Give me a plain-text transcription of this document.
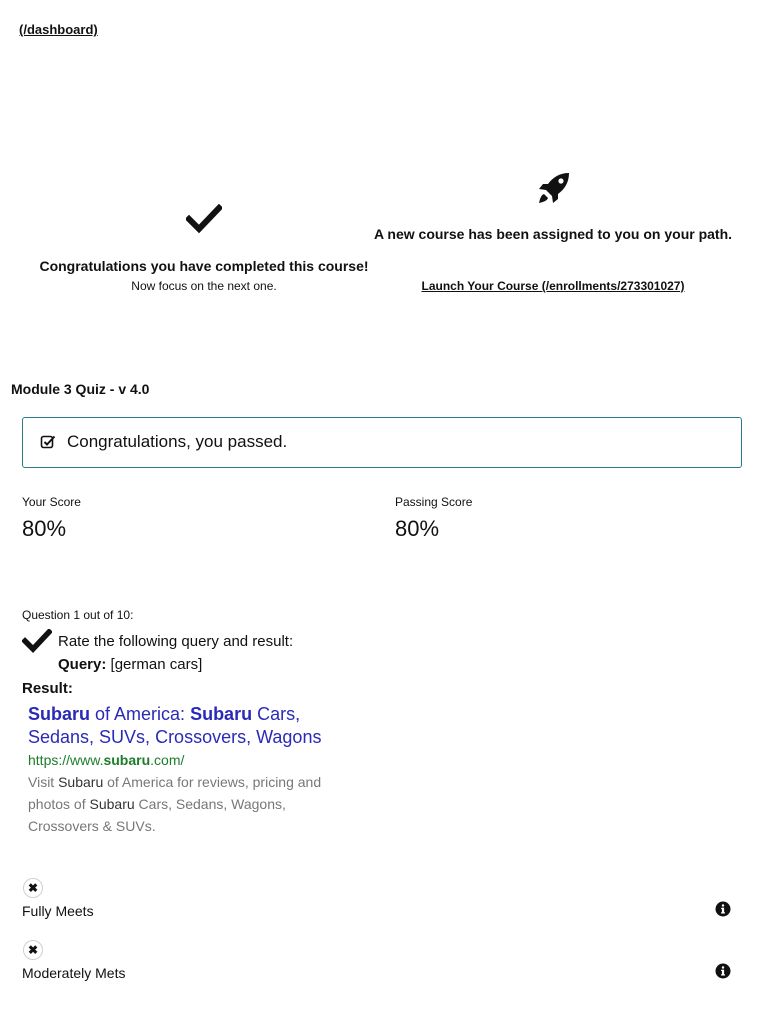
(/dashboard)
Congratulations you have completed this course!
Now focus on the next one.
A new course has been assigned to you on your path.
Launch Your Course (/enrollments/273301027)
Module 3 Quiz - v 4.0
Congratulations, you passed.
Your Score
80%
Passing Score
80%
Question 1 out of 10:
Rate the following query and result:
Query: [german cars]
Result:
Subaru of America: Subaru Cars,
Sedans, SUVs, Crossovers, Wagons
https://www.subaru.com/
Visit Subaru of America for reviews, pricing and
photos of Subaru Cars, Sedans, Wagons,
Crossovers & SUVs.
✖
Fully Meets
✖
Moderately Mets
